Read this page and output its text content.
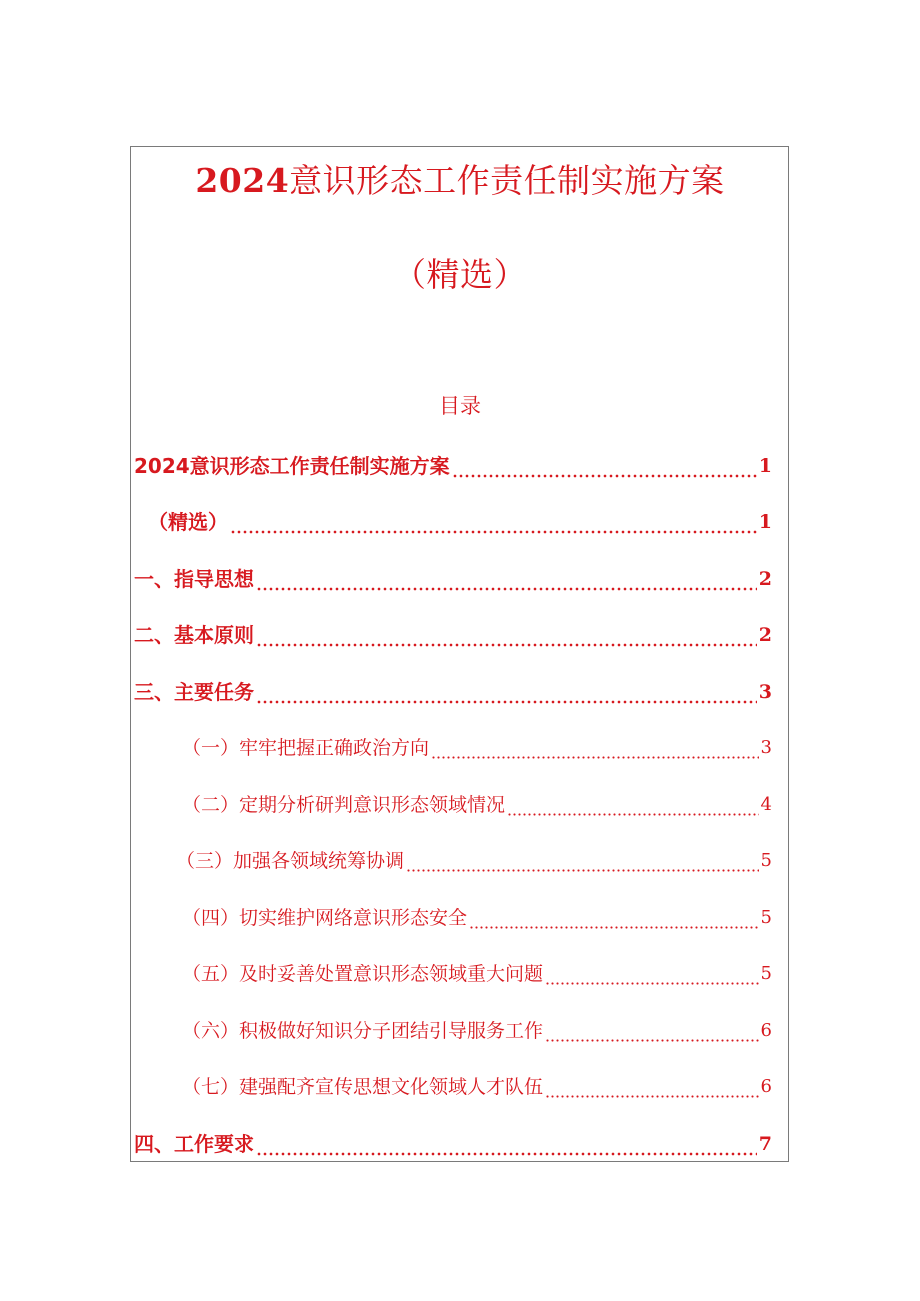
2024意识形态工作责任制实施方案
（精选）
目录
2024意识形态工作责任制实施方案	1
（精选）	1
一、指导思想	2
二、基本原则	2
三、主要任务	3
（一）牢牢把握正确政治方向	3
（二）定期分析研判意识形态领域情况	4
（三）加强各领域统筹协调	5
（四）切实维护网络意识形态安全	5
（五）及时妥善处置意识形态领域重大问题	5
（六）积极做好知识分子团结引导服务工作	6
（七）建强配齐宣传思想文化领域人才队伍	6
四、工作要求	7
